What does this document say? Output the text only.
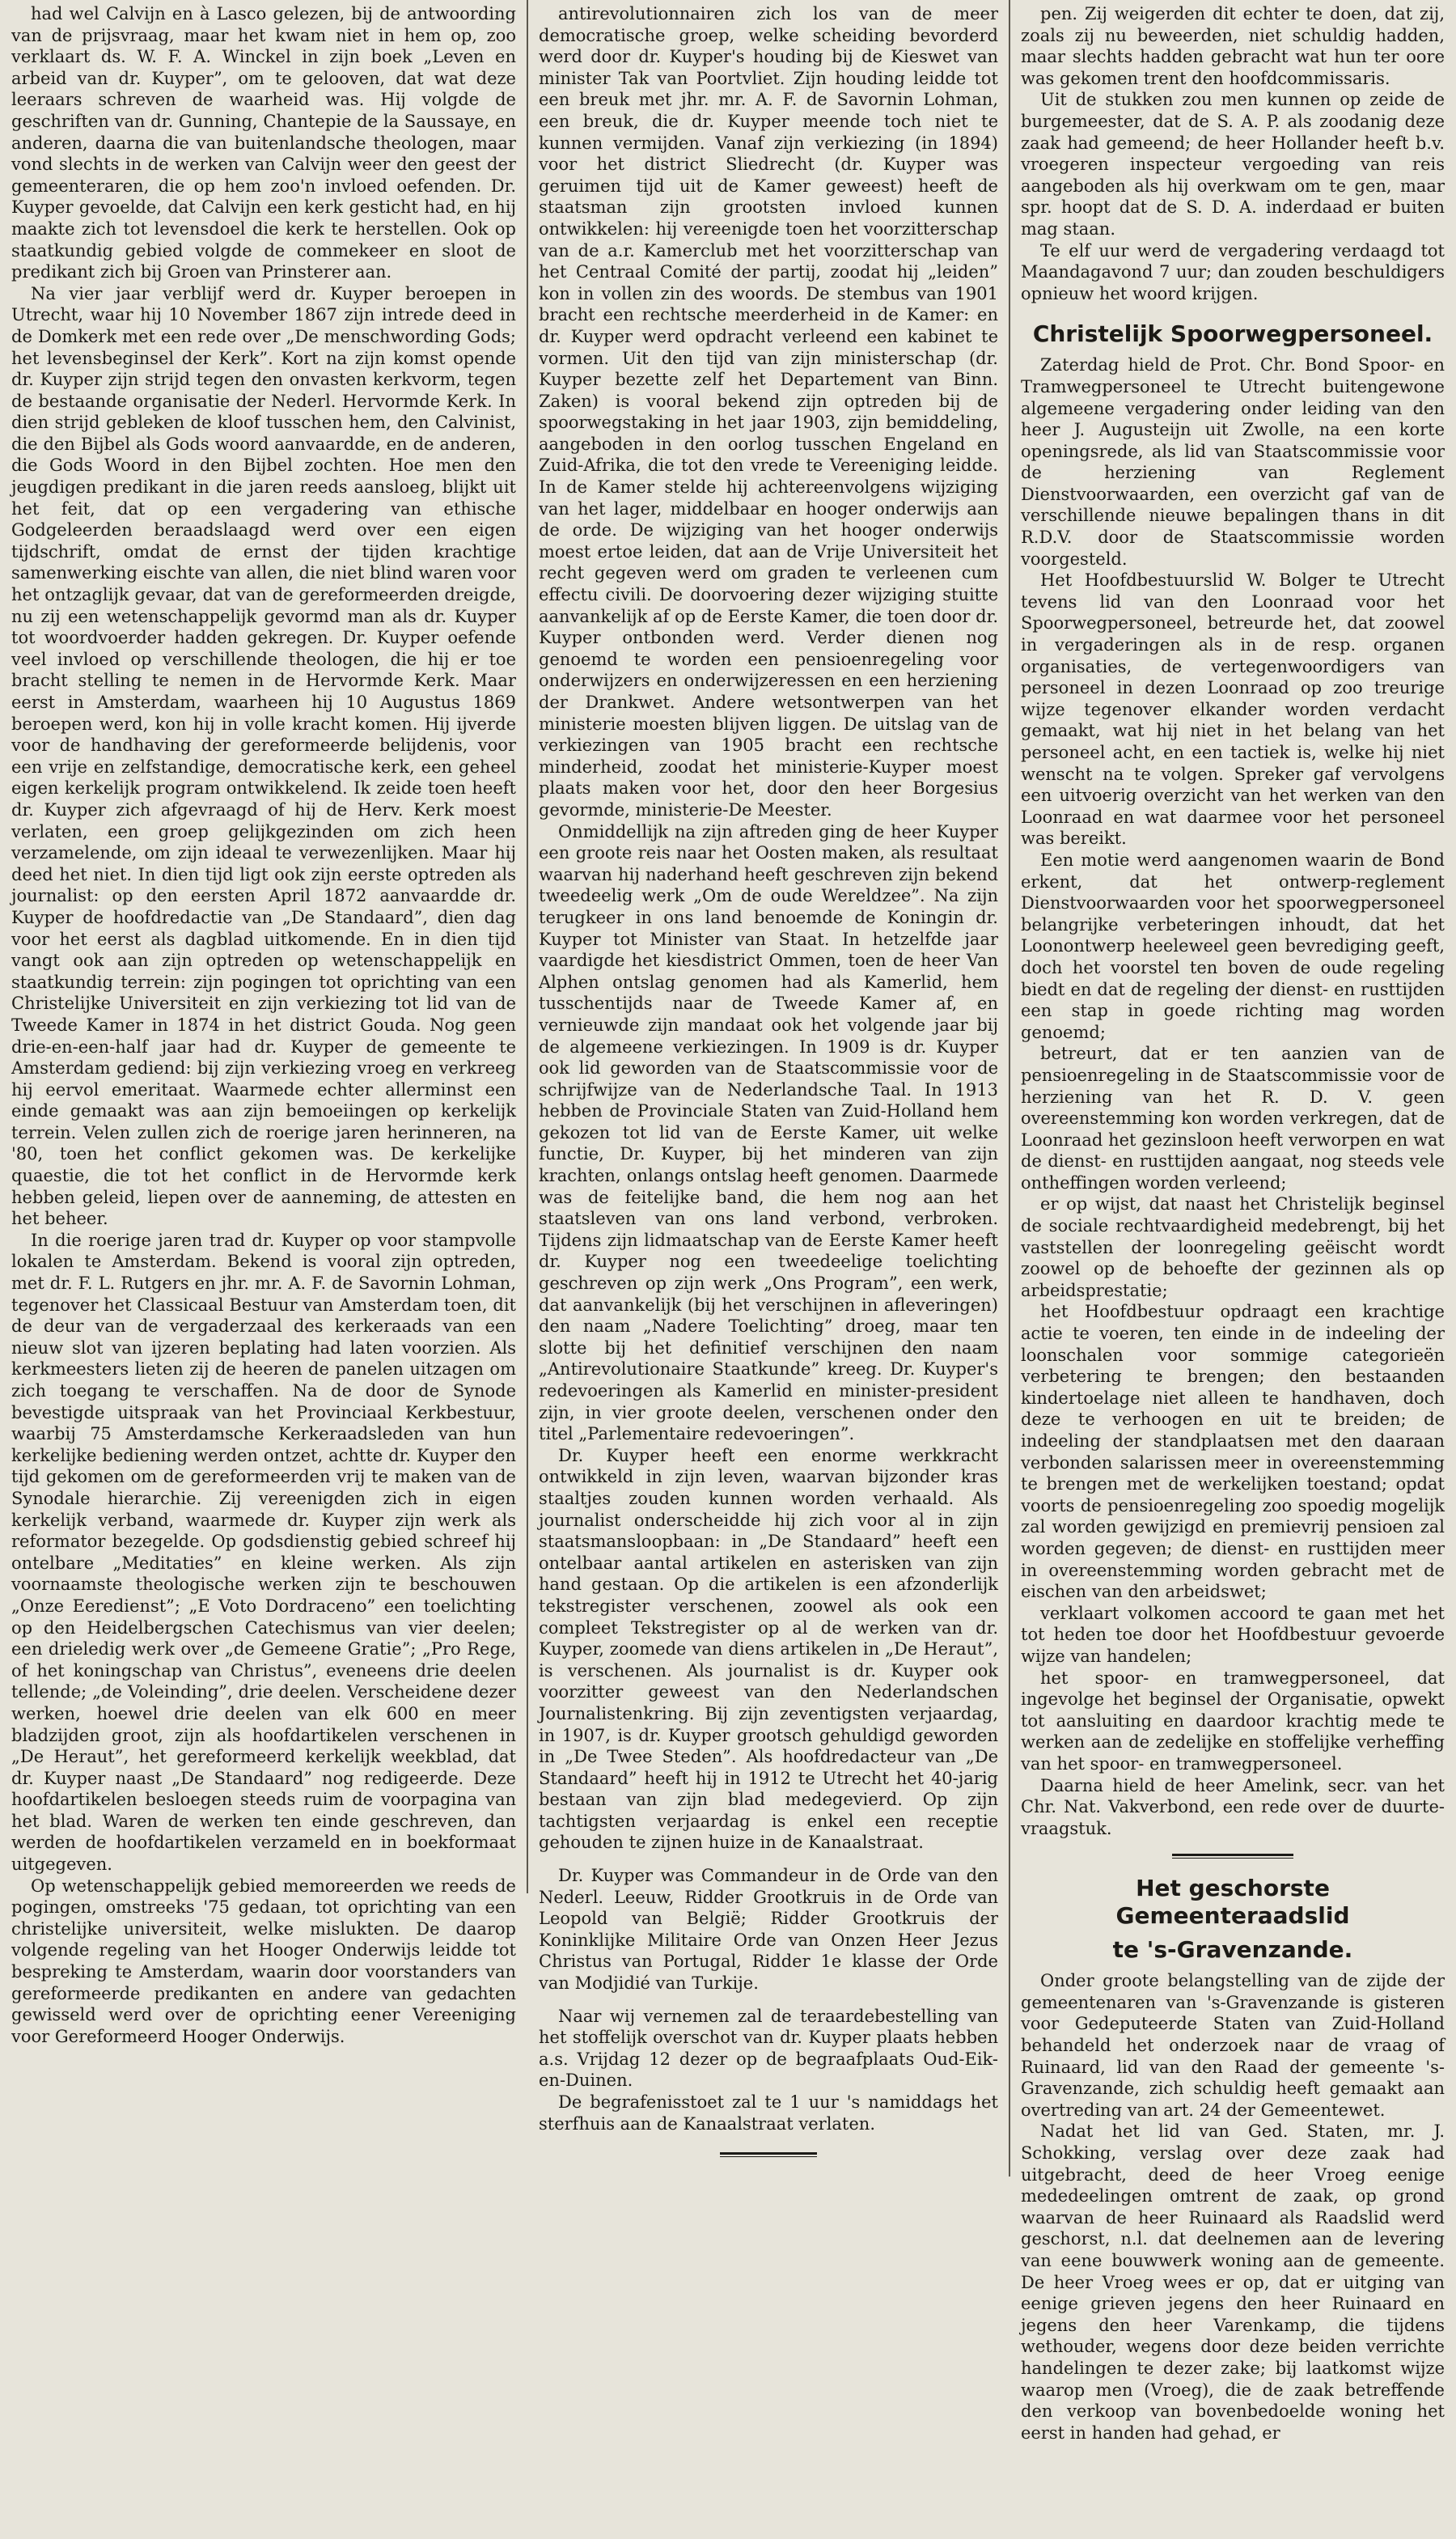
had wel Calvijn en à Lasco gelezen, bij de antwoording van de prijsvraag, maar het kwam niet in hem op, zoo verklaart ds. W. F. A. Winckel in zijn boek „Leven en arbeid van dr. Kuyper”, om te gelooven, dat wat deze leeraars schreven de waarheid was. Hij volgde de geschriften van dr. Gunning, Chantepie de la Saussaye, en anderen, daarna die van buitenlandsche theologen, maar vond slechts in de werken van Calvijn weer den geest der gemeenteraren, die op hem zoo'n invloed oefenden. Dr. Kuyper gevoelde, dat Calvijn een kerk gesticht had, en hij maakte zich tot levensdoel die kerk te herstellen. Ook op staatkundig gebied volgde de commekeer en sloot de predikant zich bij Groen van Prinsterer aan.

Na vier jaar verblijf werd dr. Kuyper beroepen in Utrecht, waar hij 10 November 1867 zijn intrede deed in de Domkerk met een rede over „De menschwording Gods; het levensbeginsel der Kerk”. Kort na zijn komst opende dr. Kuyper zijn strijd tegen den onvasten kerkvorm, tegen de bestaande organisatie der Nederl. Hervormde Kerk. In dien strijd gebleken de kloof tusschen hem, den Calvinist, die den Bijbel als Gods woord aanvaardde, en de anderen, die Gods Woord in den Bijbel zochten. Hoe men den jeugdigen predikant in die jaren reeds aansloeg, blijkt uit het feit, dat op een vergadering van ethische Godgeleerden beraadslaagd werd over een eigen tijdschrift, omdat de ernst der tijden krachtige samenwerking eischte van allen, die niet blind waren voor het ontzaglijk gevaar, dat van de gereformeerden dreigde, nu zij een wetenschappelijk gevormd man als dr. Kuyper tot woordvoerder hadden gekregen. Dr. Kuyper oefende veel invloed op verschillende theologen, die hij er toe bracht stelling te nemen in de Hervormde Kerk. Maar eerst in Amsterdam, waarheen hij 10 Augustus 1869 beroepen werd, kon hij in volle kracht komen. Hij ijverde voor de handhaving der gereformeerde belijdenis, voor een vrije en zelfstandige, democratische kerk, een geheel eigen kerkelijk program ontwikkelend. Ik zeide toen heeft dr. Kuyper zich afgevraagd of hij de Herv. Kerk moest verlaten, een groep gelijkgezinden om zich heen verzamelende, om zijn ideaal te verwezenlijken. Maar hij deed het niet. In dien tijd ligt ook zijn eerste optreden als journalist: op den eersten April 1872 aanvaardde dr. Kuyper de hoofdredactie van „De Standaard”, dien dag voor het eerst als dagblad uitkomende. En in dien tijd vangt ook aan zijn optreden op wetenschappelijk en staatkundig terrein: zijn pogingen tot oprichting van een Christelijke Universiteit en zijn verkiezing tot lid van de Tweede Kamer in 1874 in het district Gouda. Nog geen drie-en-een-half jaar had dr. Kuyper de gemeente te Amsterdam gediend: bij zijn verkiezing vroeg en verkreeg hij eervol emeritaat. Waarmede echter allerminst een einde gemaakt was aan zijn bemoeiingen op kerkelijk terrein. Velen zullen zich de roerige jaren herinneren, na '80, toen het conflict gekomen was. De kerkelijke quaestie, die tot het conflict in de Hervormde kerk hebben geleid, liepen over de aanneming, de attesten en het beheer.

In die roerige jaren trad dr. Kuyper op voor stampvolle lokalen te Amsterdam. Bekend is vooral zijn optreden, met dr. F. L. Rutgers en jhr. mr. A. F. de Savornin Lohman, tegenover het Classicaal Bestuur van Amsterdam toen, dit de deur van de vergaderzaal des kerkeraads van een nieuw slot van ijzeren beplating had laten voorzien. Als kerkmeesters lieten zij de heeren de panelen uitzagen om zich toegang te verschaffen. Na de door de Synode bevestigde uitspraak van het Provinciaal Kerkbestuur, waarbij 75 Amsterdamsche Kerkeraadsleden van hun kerkelijke bediening werden ontzet, achtte dr. Kuyper den tijd gekomen om de gereformeerden vrij te maken van de Synodale hierarchie. Zij vereenigden zich in eigen kerkelijk verband, waarmede dr. Kuyper zijn werk als reformator bezegelde. Op godsdienstig gebied schreef hij ontelbare „Meditaties” en kleine werken. Als zijn voornaamste theologische werken zijn te beschouwen „Onze Eeredienst”; „E Voto Dordraceno” een toelichting op den Heidelbergschen Catechismus van vier deelen; een drieledig werk over „de Gemeene Gratie”; „Pro Rege, of het koningschap van Christus”, eveneens drie deelen tellende; „de Voleinding”, drie deelen. Verscheidene dezer werken, hoewel drie deelen van elk 600 en meer bladzijden groot, zijn als hoofdartikelen verschenen in „De Heraut”, het gereformeerd kerkelijk weekblad, dat dr. Kuyper naast „De Standaard” nog redigeerde. Deze hoofdartikelen besloegen steeds ruim de voorpagina van het blad. Waren de werken ten einde geschreven, dan werden de hoofdartikelen verzameld en in boekformaat uitgegeven.

Op wetenschappelijk gebied memoreerden we reeds de pogingen, omstreeks '75 gedaan, tot oprichting van een christelijke universiteit, welke mislukten. De daarop volgende regeling van het Hooger Onderwijs leidde tot bespreking te Amsterdam, waarin door voorstanders van gereformeerde predikanten en andere van gedachten gewisseld werd over de oprichting eener Vereeniging voor Gereformeerd Hooger Onderwijs.

antirevolutionnairen zich los van de meer democratische groep, welke scheiding bevorderd werd door dr. Kuyper's houding bij de Kieswet van minister Tak van Poortvliet. Zijn houding leidde tot een breuk met jhr. mr. A. F. de Savornin Lohman, een breuk, die dr. Kuyper meende toch niet te kunnen vermijden. Vanaf zijn verkiezing (in 1894) voor het district Sliedrecht (dr. Kuyper was geruimen tijd uit de Kamer geweest) heeft de staatsman zijn grootsten invloed kunnen ontwikkelen: hij vereenigde toen het voorzitterschap van de a.r. Kamerclub met het voorzitterschap van het Centraal Comité der partij, zoodat hij „leiden” kon in vollen zin des woords. De stembus van 1901 bracht een rechtsche meerderheid in de Kamer: en dr. Kuyper werd opdracht verleend een kabinet te vormen. Uit den tijd van zijn ministerschap (dr. Kuyper bezette zelf het Departement van Binn. Zaken) is vooral bekend zijn optreden bij de spoorwegstaking in het jaar 1903, zijn bemiddeling, aangeboden in den oorlog tusschen Engeland en Zuid-Afrika, die tot den vrede te Vereeniging leidde. In de Kamer stelde hij achtereenvolgens wijziging van het lager, middelbaar en hooger onderwijs aan de orde. De wijziging van het hooger onderwijs moest ertoe leiden, dat aan de Vrije Universiteit het recht gegeven werd om graden te verleenen cum effectu civili. De doorvoering dezer wijziging stuitte aanvankelijk af op de Eerste Kamer, die toen door dr. Kuyper ontbonden werd. Verder dienen nog genoemd te worden een pensioenregeling voor onderwijzers en onderwijzeressen en een herziening der Drankwet. Andere wetsontwerpen van het ministerie moesten blijven liggen. De uitslag van de verkiezingen van 1905 bracht een rechtsche minderheid, zoodat het ministerie-Kuyper moest plaats maken voor het, door den heer Borgesius gevormde, ministerie-De Meester.

Onmiddellijk na zijn aftreden ging de heer Kuyper een groote reis naar het Oosten maken, als resultaat waarvan hij naderhand heeft geschreven zijn bekend tweedeelig werk „Om de oude Wereldzee”. Na zijn terugkeer in ons land benoemde de Koningin dr. Kuyper tot Minister van Staat. In hetzelfde jaar vaardigde het kiesdistrict Ommen, toen de heer Van Alphen ontslag genomen had als Kamerlid, hem tusschentijds naar de Tweede Kamer af, en vernieuwde zijn mandaat ook het volgende jaar bij de algemeene verkiezingen. In 1909 is dr. Kuyper ook lid geworden van de Staatscommissie voor de schrijfwijze van de Nederlandsche Taal. In 1913 hebben de Provinciale Staten van Zuid-Holland hem gekozen tot lid van de Eerste Kamer, uit welke functie, Dr. Kuyper, bij het minderen van zijn krachten, onlangs ontslag heeft genomen. Daarmede was de feitelijke band, die hem nog aan het staatsleven van ons land verbond, verbroken. Tijdens zijn lidmaatschap van de Eerste Kamer heeft dr. Kuyper nog een tweedeelige toelichting geschreven op zijn werk „Ons Program”, een werk, dat aanvankelijk (bij het verschijnen in afleveringen) den naam „Nadere Toelichting” droeg, maar ten slotte bij het definitief verschijnen den naam „Antirevolutionaire Staatkunde” kreeg. Dr. Kuyper's redevoeringen als Kamerlid en minister-president zijn, in vier groote deelen, verschenen onder den titel „Parlementaire redevoeringen”.

Dr. Kuyper heeft een enorme werkkracht ontwikkeld in zijn leven, waarvan bijzonder kras staaltjes zouden kunnen worden verhaald. Als journalist onderscheidde hij zich voor al in zijn staatsmansloopbaan: in „De Standaard” heeft een ontelbaar aantal artikelen en asterisken van zijn hand gestaan. Op die artikelen is een afzonderlijk tekstregister verschenen, zoowel als ook een compleet Tekstregister op al de werken van dr. Kuyper, zoomede van diens artikelen in „De Heraut”, is verschenen. Als journalist is dr. Kuyper ook voorzitter geweest van den Nederlandschen Journalistenkring. Bij zijn zeventigsten verjaardag, in 1907, is dr. Kuyper grootsch gehuldigd geworden in „De Twee Steden”. Als hoofdredacteur van „De Standaard” heeft hij in 1912 te Utrecht het 40-jarig bestaan van zijn blad medegevierd. Op zijn tachtigsten verjaardag is enkel een receptie gehouden te zijnen huize in de Kanaalstraat.

Dr. Kuyper was Commandeur in de Orde van den Nederl. Leeuw, Ridder Grootkruis in de Orde van Leopold van België; Ridder Grootkruis der Koninklijke Militaire Orde van Onzen Heer Jezus Christus van Portugal, Ridder 1e klasse der Orde van Modjidié van Turkije.

Naar wij vernemen zal de teraardebestelling van het stoffelijk overschot van dr. Kuyper plaats hebben a.s. Vrijdag 12 dezer op de begraafplaats Oud-Eik-en-Duinen.

De begrafenisstoet zal te 1 uur 's namiddags het sterfhuis aan de Kanaalstraat verlaten.

pen. Zij weigerden dit echter te doen, dat zij, zoals zij nu beweerden, niet schuldig hadden, maar slechts hadden gebracht wat hun ter oore was gekomen trent den hoofdcommissaris.

Uit de stukken zou men kunnen op zeide de burgemeester, dat de S. A. P. als zoodanig deze zaak had gemeend; de heer Hollander heeft b.v. vroegeren inspecteur vergoeding van reis aangeboden als hij overkwam om te gen, maar spr. hoopt dat de S. D. A. inderdaad er buiten mag staan.

Te elf uur werd de vergadering verdaagd tot Maandagavond 7 uur; dan zouden beschuldigers opnieuw het woord krijgen.

Christelijk Spoorwegpersoneel.

Zaterdag hield de Prot. Chr. Bond Spoor- en Tramwegpersoneel te Utrecht buitengewone algemeene vergadering onder leiding van den heer J. Augusteijn uit Zwolle, na een korte openingsrede, als lid van Staatscommissie voor de herziening van Reglement Dienstvoorwaarden, een overzicht gaf van de verschillende nieuwe bepalingen thans in dit R.D.V. door de Staatscommissie worden voorgesteld.

Het Hoofdbestuurslid W. Bolger te Utrecht tevens lid van den Loonraad voor het Spoorwegpersoneel, betreurde het, dat zoowel in vergaderingen als in de resp. organen organisaties, de vertegenwoordigers van personeel in dezen Loonraad op zoo treurige wijze tegenover elkander worden verdacht gemaakt, wat hij niet in het belang van het personeel acht, en een tactiek is, welke hij niet wenscht na te volgen. Spreker gaf vervolgens een uitvoerig overzicht van het werken van den Loonraad en wat daarmee voor het personeel was bereikt.

Een motie werd aangenomen waarin de Bond erkent, dat het ontwerp-reglement Dienstvoorwaarden voor het spoorwegpersoneel belangrijke verbeteringen inhoudt, dat het Loonontwerp heeleweel geen bevrediging geeft, doch het voorstel ten boven de oude regeling biedt en dat de regeling der dienst- en rusttijden een stap in goede richting mag worden genoemd;

betreurt, dat er ten aanzien van de pensioenregeling in de Staatscommissie voor de herziening van het R. D. V. geen overeenstemming kon worden verkregen, dat de Loonraad het gezinsloon heeft verworpen en wat de dienst- en rusttijden aangaat, nog steeds vele ontheffingen worden verleend;

er op wijst, dat naast het Christelijk beginsel de sociale rechtvaardigheid medebrengt, bij het vaststellen der loonregeling geëischt wordt zoowel op de behoefte der gezinnen als op arbeidsprestatie;

het Hoofdbestuur opdraagt een krachtige actie te voeren, ten einde in de indeeling der loonschalen voor sommige categorieën verbetering te brengen; den bestaanden kindertoelage niet alleen te handhaven, doch deze te verhoogen en uit te breiden; de indeeling der standplaatsen met den daaraan verbonden salarissen meer in overeenstemming te brengen met de werkelijken toestand; opdat voorts de pensioenregeling zoo spoedig mogelijk zal worden gewijzigd en premievrij pensioen zal worden gegeven; de dienst- en rusttijden meer in overeenstemming worden gebracht met de eischen van den arbeidswet;

verklaart volkomen accoord te gaan met het tot heden toe door het Hoofdbestuur gevoerde wijze van handelen;

het spoor- en tramwegpersoneel, dat ingevolge het beginsel der Organisatie, opwekt tot aansluiting en daardoor krachtig mede te werken aan de zedelijke en stoffelijke verheffing van het spoor- en tramwegpersoneel.

Daarna hield de heer Amelink, secr. van het Chr. Nat. Vakverbond, een rede over de duurte-vraagstuk.

Het geschorste Gemeenteraadslid
te 's-Gravenzande.

Onder groote belangstelling van de zijde der gemeentenaren van 's-Gravenzande is gisteren voor Gedeputeerde Staten van Zuid-Holland behandeld het onderzoek naar de vraag of Ruinaard, lid van den Raad der gemeente 's-Gravenzande, zich schuldig heeft gemaakt aan overtreding van art. 24 der Gemeentewet.

Nadat het lid van Ged. Staten, mr. J. Schokking, verslag over deze zaak had uitgebracht, deed de heer Vroeg eenige mededeelingen omtrent de zaak, op grond waarvan de heer Ruinaard als Raadslid werd geschorst, n.l. dat deelnemen aan de levering van eene bouwwerk woning aan de gemeente. De heer Vroeg wees er op, dat er uitging van eenige grieven jegens den heer Ruinaard en jegens den heer Varenkamp, die tijdens wethouder, wegens door deze beiden verrichte handelingen te dezer zake; bij laatkomst wijze waarop men (Vroeg), die de zaak betreffende den verkoop van bovenbedoelde woning het eerst in handen had gehad, er
